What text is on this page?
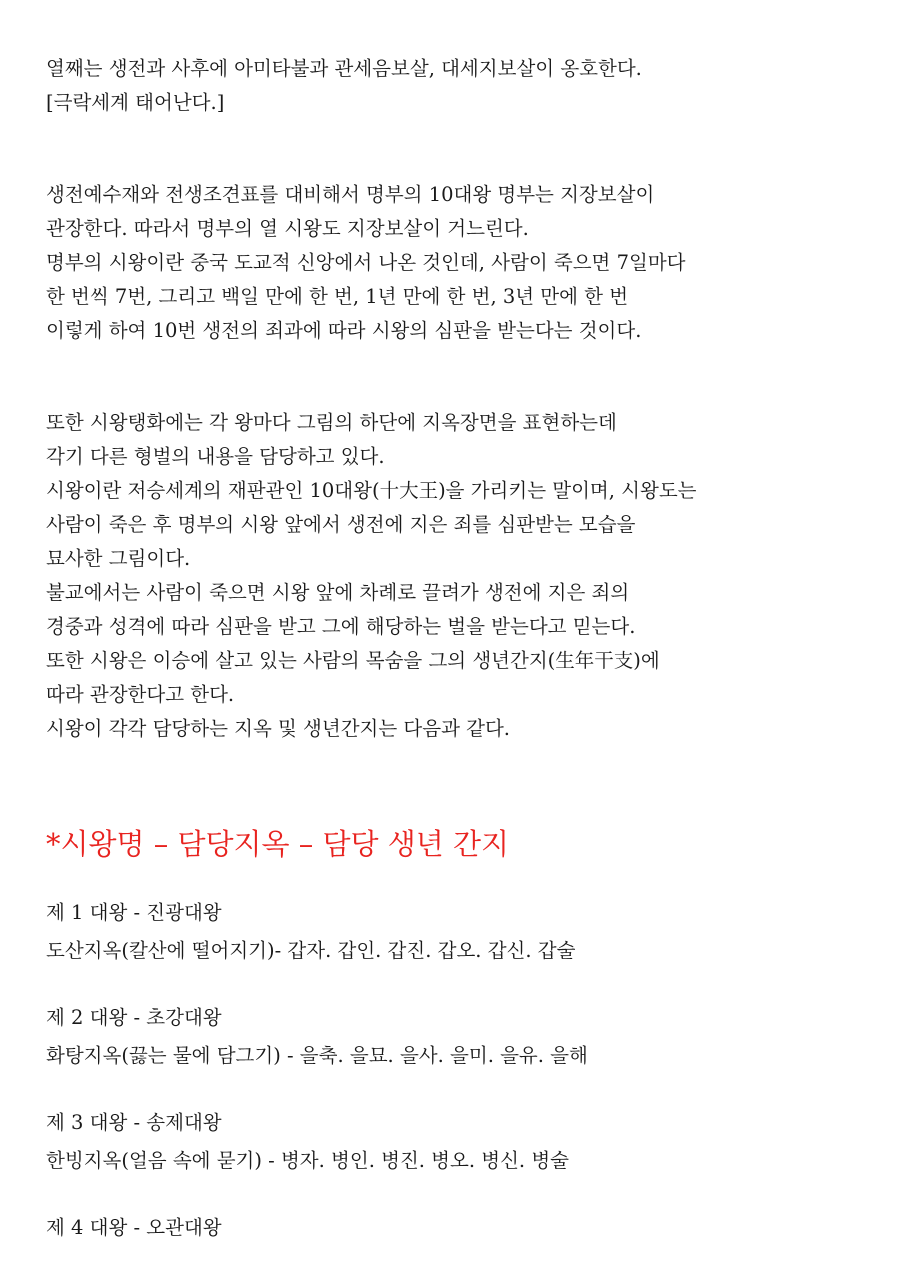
열째는 생전과 사후에 아미타불과 관세음보살, 대세지보살이 옹호한다.
[극락세계 태어난다.]
생전예수재와 전생조견표를 대비해서 명부의 10대왕 명부는 지장보살이
관장한다. 따라서 명부의 열 시왕도 지장보살이 거느린다.
명부의 시왕이란 중국 도교적 신앙에서 나온 것인데, 사람이 죽으면 7일마다
한 번씩 7번, 그리고 백일 만에 한 번, 1년 만에 한 번, 3년 만에 한 번
이렇게 하여 10번 생전의 죄과에 따라 시왕의 심판을 받는다는 것이다.
또한 시왕탱화에는 각 왕마다 그림의 하단에 지옥장면을 표현하는데
각기 다른 형벌의 내용을 담당하고 있다.
시왕이란 저승세계의 재판관인 10대왕(十大王)을 가리키는 말이며, 시왕도는
사람이 죽은 후 명부의 시왕 앞에서 생전에 지은 죄를 심판받는 모습을
묘사한 그림이다.
불교에서는 사람이 죽으면 시왕 앞에 차례로 끌려가 생전에 지은 죄의
경중과 성격에 따라 심판을 받고 그에 해당하는 벌을 받는다고 믿는다.
또한 시왕은 이승에 살고 있는 사람의 목숨을 그의 생년간지(生年干支)에
따라 관장한다고 한다.
시왕이 각각 담당하는 지옥 및 생년간지는 다음과 같다.
*시왕명 – 담당지옥 – 담당 생년 간지
제 1 대왕 - 진광대왕
도산지옥(칼산에 떨어지기)- 갑자. 갑인. 갑진. 갑오. 갑신. 갑술
제 2 대왕 - 초강대왕
화탕지옥(끓는 물에 담그기) - 을축. 을묘. 을사. 을미. 을유. 을해
제 3 대왕 - 송제대왕
한빙지옥(얼음 속에 묻기) - 병자. 병인. 병진. 병오. 병신. 병술
제 4 대왕 - 오관대왕
